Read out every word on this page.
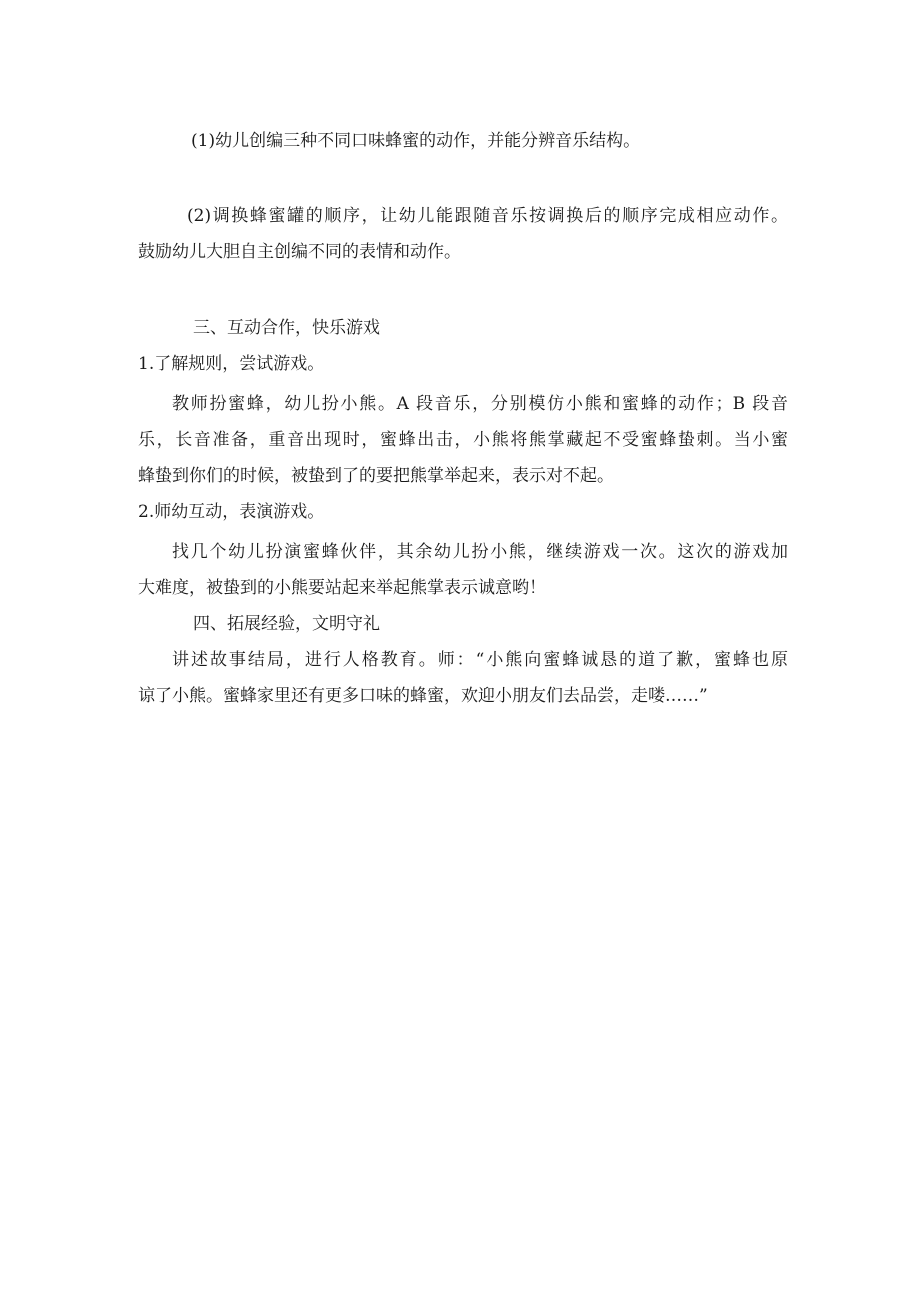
(1)幼儿创编三种不同口味蜂蜜的动作，并能分辨音乐结构。
(2)调换蜂蜜罐的顺序，让幼儿能跟随音乐按调换后的顺序完成相应动作。
鼓励幼儿大胆自主创编不同的表情和动作。
三、互动合作，快乐游戏
1.了解规则，尝试游戏。
教师扮蜜蜂，幼儿扮小熊。A 段音乐，分别模仿小熊和蜜蜂的动作；B 段音
乐，长音准备，重音出现时，蜜蜂出击，小熊将熊掌藏起不受蜜蜂蛰刺。当小蜜
蜂蛰到你们的时候，被蛰到了的要把熊掌举起来，表示对不起。
2.师幼互动，表演游戏。
找几个幼儿扮演蜜蜂伙伴，其余幼儿扮小熊，继续游戏一次。这次的游戏加
大难度，被蛰到的小熊要站起来举起熊掌表示诚意哟！
四、拓展经验，文明守礼
讲述故事结局，进行人格教育。师：“小熊向蜜蜂诚恳的道了歉，蜜蜂也原
谅了小熊。蜜蜂家里还有更多口味的蜂蜜，欢迎小朋友们去品尝，走喽……”
